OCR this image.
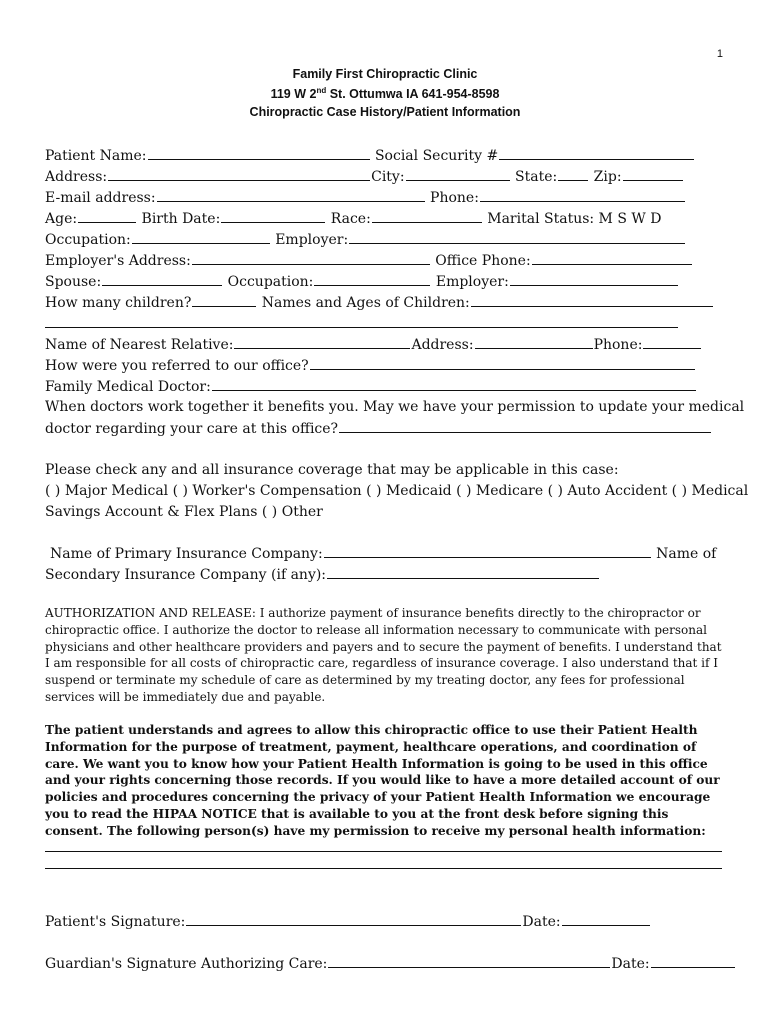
1
Family First Chiropractic Clinic
119 W 2nd St. Ottumwa IA 641-954-8598
Chiropractic Case History/Patient Information
Patient Name:	Social Security #
Address:	City:	State:	Zip:
E-mail address:	Phone:
Age:	Birth Date:	Race:	Marital Status: M S W D
Occupation:	Employer:
Employer's Address:	Office Phone:
Spouse:	Occupation:	Employer:
How many children?	Names and Ages of Children:
Name of Nearest Relative:	Address:	Phone:
How were you referred to our office?
Family Medical Doctor:
When doctors work together it benefits you. May we have your permission to update your medical
doctor regarding your care at this office?
Please check any and all insurance coverage that may be applicable in this case:
( ) Major Medical ( ) Worker's Compensation ( ) Medicaid ( ) Medicare ( ) Auto Accident ( ) Medical
Savings Account & Flex Plans ( ) Other
Name of Primary Insurance Company:	Name of
Secondary Insurance Company (if any):
AUTHORIZATION AND RELEASE: I authorize payment of insurance benefits directly to the chiropractor or chiropractic office. I authorize the doctor to release all information necessary to communicate with personal physicians and other healthcare providers and payers and to secure the payment of benefits. I understand that I am responsible for all costs of chiropractic care, regardless of insurance coverage. I also understand that if I suspend or terminate my schedule of care as determined by my treating doctor, any fees for professional services will be immediately due and payable.
The patient understands and agrees to allow this chiropractic office to use their Patient Health Information for the purpose of treatment, payment, healthcare operations, and coordination of care. We want you to know how your Patient Health Information is going to be used in this office and your rights concerning those records. If you would like to have a more detailed account of our policies and procedures concerning the privacy of your Patient Health Information we encourage you to read the HIPAA NOTICE that is available to you at the front desk before signing this consent. The following person(s) have my permission to receive my personal health information:
Patient's Signature:	Date:
Guardian's Signature Authorizing Care:	Date:
